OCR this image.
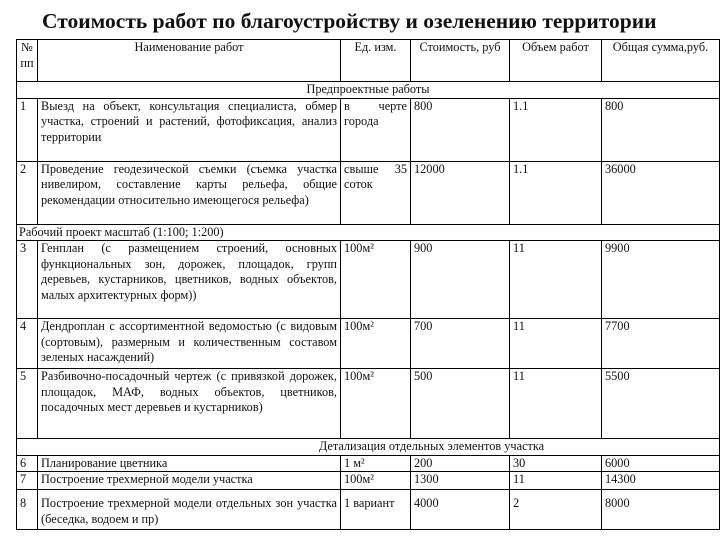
Стоимость работ по благоустройству и озеленению территории
№ пп	Наименование работ	Ед. изм.	Стоимость, руб	Объем работ	Общая сумма,руб.
Предпроектные работы					
1	Выезд на объект, консультация специалиста, обмер участка, строений и растений, фотофиксация, анализ территории	в черте города	800	1.1	800
2	Проведение геодезической съемки (съемка участка нивелиром, составление карты рельефа, общие рекомендации относительно имеющегося рельефа)	свыше 35 соток	12000	1.1	36000
Рабочий проект масштаб (1:100; 1:200)					
3	Генплан (с размещением строений, основных функциональных зон, дорожек, площадок, групп деревьев, кустарников, цветников, водных объектов, малых архитектурных форм))	100м²	900	11	9900
4	Дендроплан с ассортиментной ведомостью (с видовым (сортовым), размерным и количественным составом зеленых насаждений)	100м²	700	11	7700
5	Разбивочно-посадочный чертеж (с привязкой дорожек, площадок, МАФ, водных объектов, цветников, посадочных мест деревьев и кустарников)	100м²	500	11	5500
Детализация отдельных элементов участка					
6	Планирование цветника	1 м²	200	30	6000
7	Построение трехмерной модели участка	100м²	1300	11	14300
8	Построение трехмерной модели отдельных зон участка (беседка, водоем и пр)	1 вариант	4000	2	8000
